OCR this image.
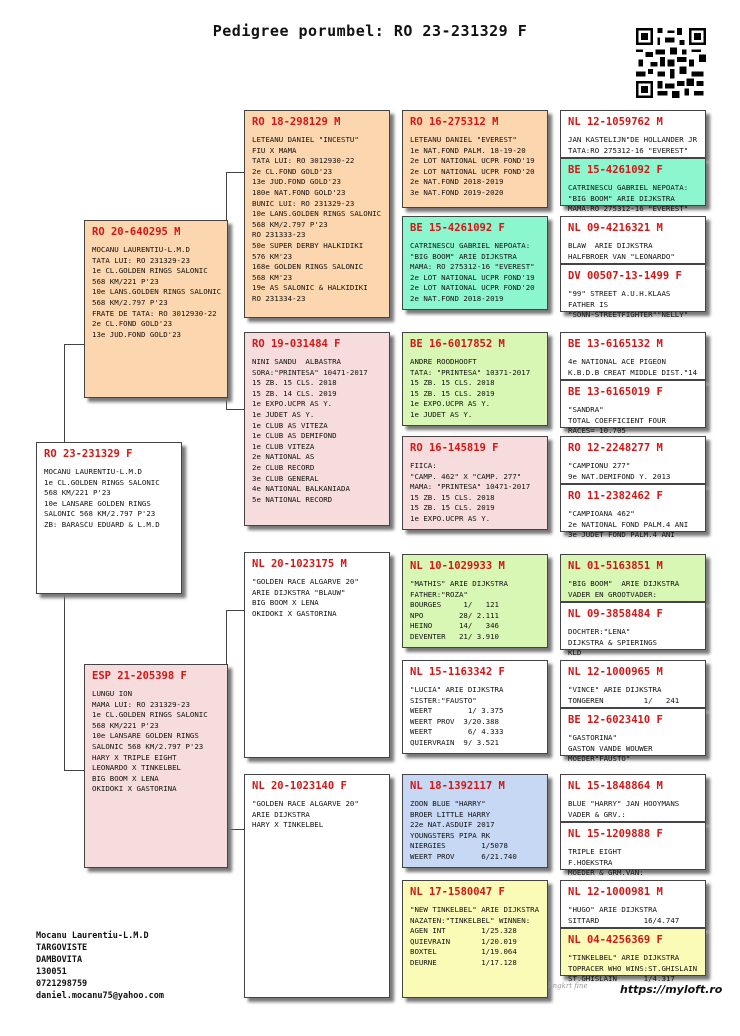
Pedigree porumbel: RO 23-231329 F
RO 23-231329 F
MOCANU LAURENTIU-L.M.D
1e CL.GOLDEN RINGS SALONIC
568 KM/221 P'23
10e LANSARE GOLDEN RINGS
SALONIC 568 KM/2.797 P'23
ZB: BARASCU EDUARD & L.M.D
RO 20-640295 M
MOCANU LAURENTIU-L.M.D
TATA LUI: RO 231329-23
1e CL.GOLDEN RINGS SALONIC
568 KM/221 P'23
10e LANS.GOLDEN RINGS SALONIC
568 KM/2.797 P'23
FRATE DE TATA: RO 3012930-22
2e CL.FOND GOLD'23
13e JUD.FOND GOLD'23
ESP 21-205398 F
LUNGU ION
MAMA LUI: RO 231329-23
1e CL.GOLDEN RINGS SALONIC
568 KM/221 P'23
10e LANSARE GOLDEN RINGS
SALONIC 568 KM/2.797 P'23
HARY X TRIPLE EIGHT
LEONARDO X TINKELBEL
BIG BOOM X LENA
OKIDOKI X GASTORINA
RO 18-298129 M
LETEANU DANIEL "INCESTU"
FIU X MAMA
TATA LUI: RO 3012930-22
2e CL.FOND GOLD'23
13e JUD.FOND GOLD'23
180e NAT.FOND GOLD'23
BUNIC LUI: RO 231329-23
10e LANS.GOLDEN RINGS SALONIC
568 KM/2.797 P'23
RO 231333-23
50e SUPER DERBY HALKIDIKI
576 KM'23
168e GOLDEN RINGS SALONIC
568 KM'23
19e AS SALONIC & HALKIDIKI
RO 231334-23
RO 19-031484 F
NINI SANDU  ALBASTRA
SORA:"PRINTESA" 10471-2017
15 ZB. 15 CLS. 2018
15 ZB. 14 CLS. 2019
1e EXPO.UCPR AS Y.
1e JUDET AS Y.
1e CLUB AS VITEZA
1e CLUB AS DEMIFOND
1e CLUB VITEZA
2e NATIONAL AS
2e CLUB RECORD
3e CLUB GENERAL
4e NATIONAL BALKANIADA
5e NATIONAL RECORD
NL 20-1023175 M
"GOLDEN RACE ALGARVE 20"
ARIE DIJKSTRA "BLAUW"
BIG BOOM X LENA
OKIDOKI X GASTORINA
NL 20-1023140 F
"GOLDEN RACE ALGARVE 20"
ARIE DIJKSTRA
HARY X TINKELBEL
RO 16-275312 M
LETEANU DANIEL "EVEREST"
1e NAT.FOND PALM. 18-19-20
2e LOT NATIONAL UCPR FOND'19
2e LOT NATIONAL UCPR FOND'20
2e NAT.FOND 2018-2019
3e NAT.FOND 2019-2020
BE 15-4261092 F
CATRINESCU GABRIEL NEPOATA:
"BIG BOOM" ARIE DIJKSTRA
MAMA: RO 275312-16 "EVEREST"
2e LOT NATIONAL UCPR FOND'19
2e LOT NATIONAL UCPR FOND'20
2e NAT.FOND 2018-2019
BE 16-6017852 M
ANDRE ROODHOOFT
TATA: "PRINTESA" 10371-2017
15 ZB. 15 CLS. 2018
15 ZB. 15 CLS. 2019
1e EXPO.UCPR AS Y.
1e JUDET AS Y.
RO 16-145819 F
FIICA:
"CAMP. 462" X "CAMP. 277"
MAMA: "PRINTESA" 10471-2017
15 ZB. 15 CLS. 2018
15 ZB. 15 CLS. 2019
1e EXPO.UCPR AS Y.
NL 10-1029933 M
"MATHIS" ARIE DIJKSTRA
FATHER:"ROZA"
BOURGES     1/   121
NPO        28/ 2.111
HEINO      14/   346
DEVENTER   21/ 3.910
NL 15-1163342 F
"LUCIA" ARIE DIJKSTRA
SISTER:"FAUSTO"
WEERT        1/ 3.375
WEERT PROV  3/20.388
WEERT        6/ 4.333
QUIERVRAIN  9/ 3.521
NL 18-1392117 M
ZOON BLUE "HARRY"
BROER LITTLE HARRY
22e NAT.ASDUIF 2017
YOUNGSTERS PIPA RK
NIERGIES        1/5078
WEERT PROV      6/21.740
NL 17-1580047 F
"NEW TINKELBEL" ARIE DIJKSTRA
NAZATEN:"TINKELBEL" WINNEN:
AGEN INT        1/25.328
QUIEVRAIN       1/20.019
BOXTEL          1/19.064
DEURNE          1/17.128
NL 12-1059762 M
JAN KASTELIJN"DE HOLLANDER JR
TATA:RO 275312-16 "EVEREST"
BE 15-4261092 F
CATRINESCU GABRIEL NEPOATA:
"BIG BOOM" ARIE DIJKSTRA
MAMA:RO 275312-16 "EVEREST"
NL 09-4216321 M
BLAW  ARIE DIJKSTRA
HALFBROER VAN "LEONARDO"
DV 00507-13-1499 F
"99" STREET A.U.H.KLAAS
FATHER IS
"SONN-STREETFIGHTER""NELLY"
BE 13-6165132 M
4e NATIONAL ACE PIGEON
K.B.D.B CREAT MIDDLE DIST."14
BE 13-6165019 F
"SANDRA"
TOTAL COEFFICIENT FOUR
RACES= 10.705
RO 12-2248277 M
"CAMPIONU 277"
9e NAT.DEMIFOND Y. 2013
RO 11-2382462 F
"CAMPIOANA 462"
2e NATIONAL FOND PALM.4 ANI
3e JUDET FOND PALM.4 ANI
NL 01-5163851 M
"BIG BOOM"  ARIE DIJKSTRA
VADER EN GROOTVADER:
NL 09-3858484 F
DOCHTER:"LENA"
DIJKSTRA & SPIERINGS
KLD
NL 12-1000965 M
"VINCE" ARIE DIJKSTRA
TONGEREN         1/   241
BE 12-6023410 F
"GASTORINA"
GASTON VANDE WOUWER
MOEDER"FAUSTO"
NL 15-1848864 M
BLUE "HARRY" JAN HOOYMANS
VADER & GRV.:
NL 15-1209888 F
TRIPLE EIGHT
F.HOEKSTRA
MOEDER & GRM.VAN:
NL 12-1000981 M
"HUGO" ARIE DIJKSTRA
SITTARD          16/4.747
NL 04-4256369 F
"TINKELBEL" ARIE DIJKSTRA
TOPRACER WHO WINS:ST.GHISLAIN
ST.GHISLAIN      1/4.317
Mocanu Laurentiu-L.M.D
TARGOVISTE
DAMBOVITA
130051
0721298759
daniel.mocanu75@yahoo.com
Lngkrt fine	https://myloft.ro
